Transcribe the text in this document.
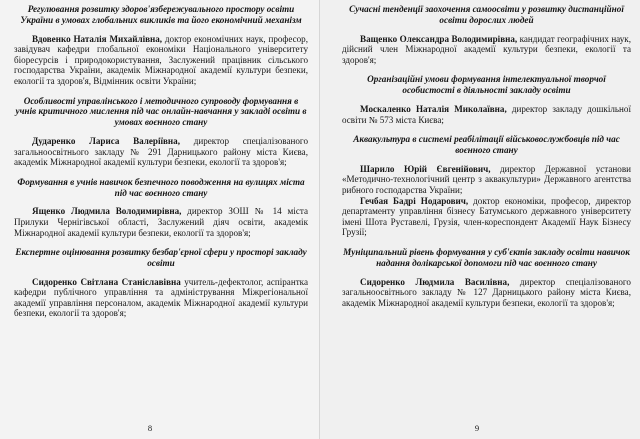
Регулювання розвитку здоров'язбережувального простору освіти України в умовах глобальних викликів та його економічний механізм

Вдовенко Наталія Михайлівна, доктор економічних наук, професор, завідувач кафедри глобальної економіки Національного університету біоресурсів і природокористування, Заслужений працівник сільського господарства України, академік Міжнародної академії культури безпеки, екології та здоров'я, Відмінник освіти України;

Особливості управлінського і методичного супроводу формування в учнів критичного мислення під час онлайн-навчання у закладі освіти в умовах воєнного стану

Дударенко Лариса Валеріївна, директор спеціалізованого загальноосвітнього закладу № 291 Дарницького району міста Києва, академік Міжнародної академії культури безпеки, екології та здоров'я;

Формування в учнів навичок безпечного поводження на вулицях міста під час воєнного стану

Ященко Людмила Володимирівна, директор ЗОШ № 14 міста Прилуки Чернігівської області, Заслужений діяч освіти, академік Міжнародної академії культури безпеки, екології та здоров'я;

Експертне оцінювання розвитку безбар'єрної сфери у просторі закладу освіти

Сидоренко Світлана Станіславівна учитель-дефектолог, аспірантка кафедри публічного управління та адміністрування Міжрегіональної академії управління персоналом, академік Міжнародної академії культури безпеки, екології та здоров'я;

8

Сучасні тенденції заохочення самоосвіти у розвитку дистанційної освіти дорослих людей

Ващенко Олександра Володимирівна, кандидат географічних наук, дійсний член Міжнародної академії культури безпеки, екології та здоров'я;

Організаційні умови формування інтелектуальної творчої особистості в діяльності закладу освіти

Москаленко Наталія Миколаївна, директор закладу дошкільної освіти № 573 міста Києва;

Аквакультура в системі реабілітації військовослужбовців під час воєнного стану

Шарило Юрій Євгенійович, директор Державної установи «Методично-технологічний центр з аквакультури» Державного агентства рибного господарства України;

Гечбая Бадрі Нодарович, доктор економіки, професор, директор департаменту управління бізнесу Батумського державного університету імені Шота Руставелі, Грузія, член-кореспондент Академії Наук Бізнесу Грузії;

Муніципальний рівень формування у суб'єктів закладу освіти навичок надання долікарської допомоги під час воєнного стану

Сидоренко Людмила Василівна, директор спеціалізованого загальноосвітнього закладу № 127 Дарницького району міста Києва, академік Міжнародної академії культури безпеки, екології та здоров'я;

9
